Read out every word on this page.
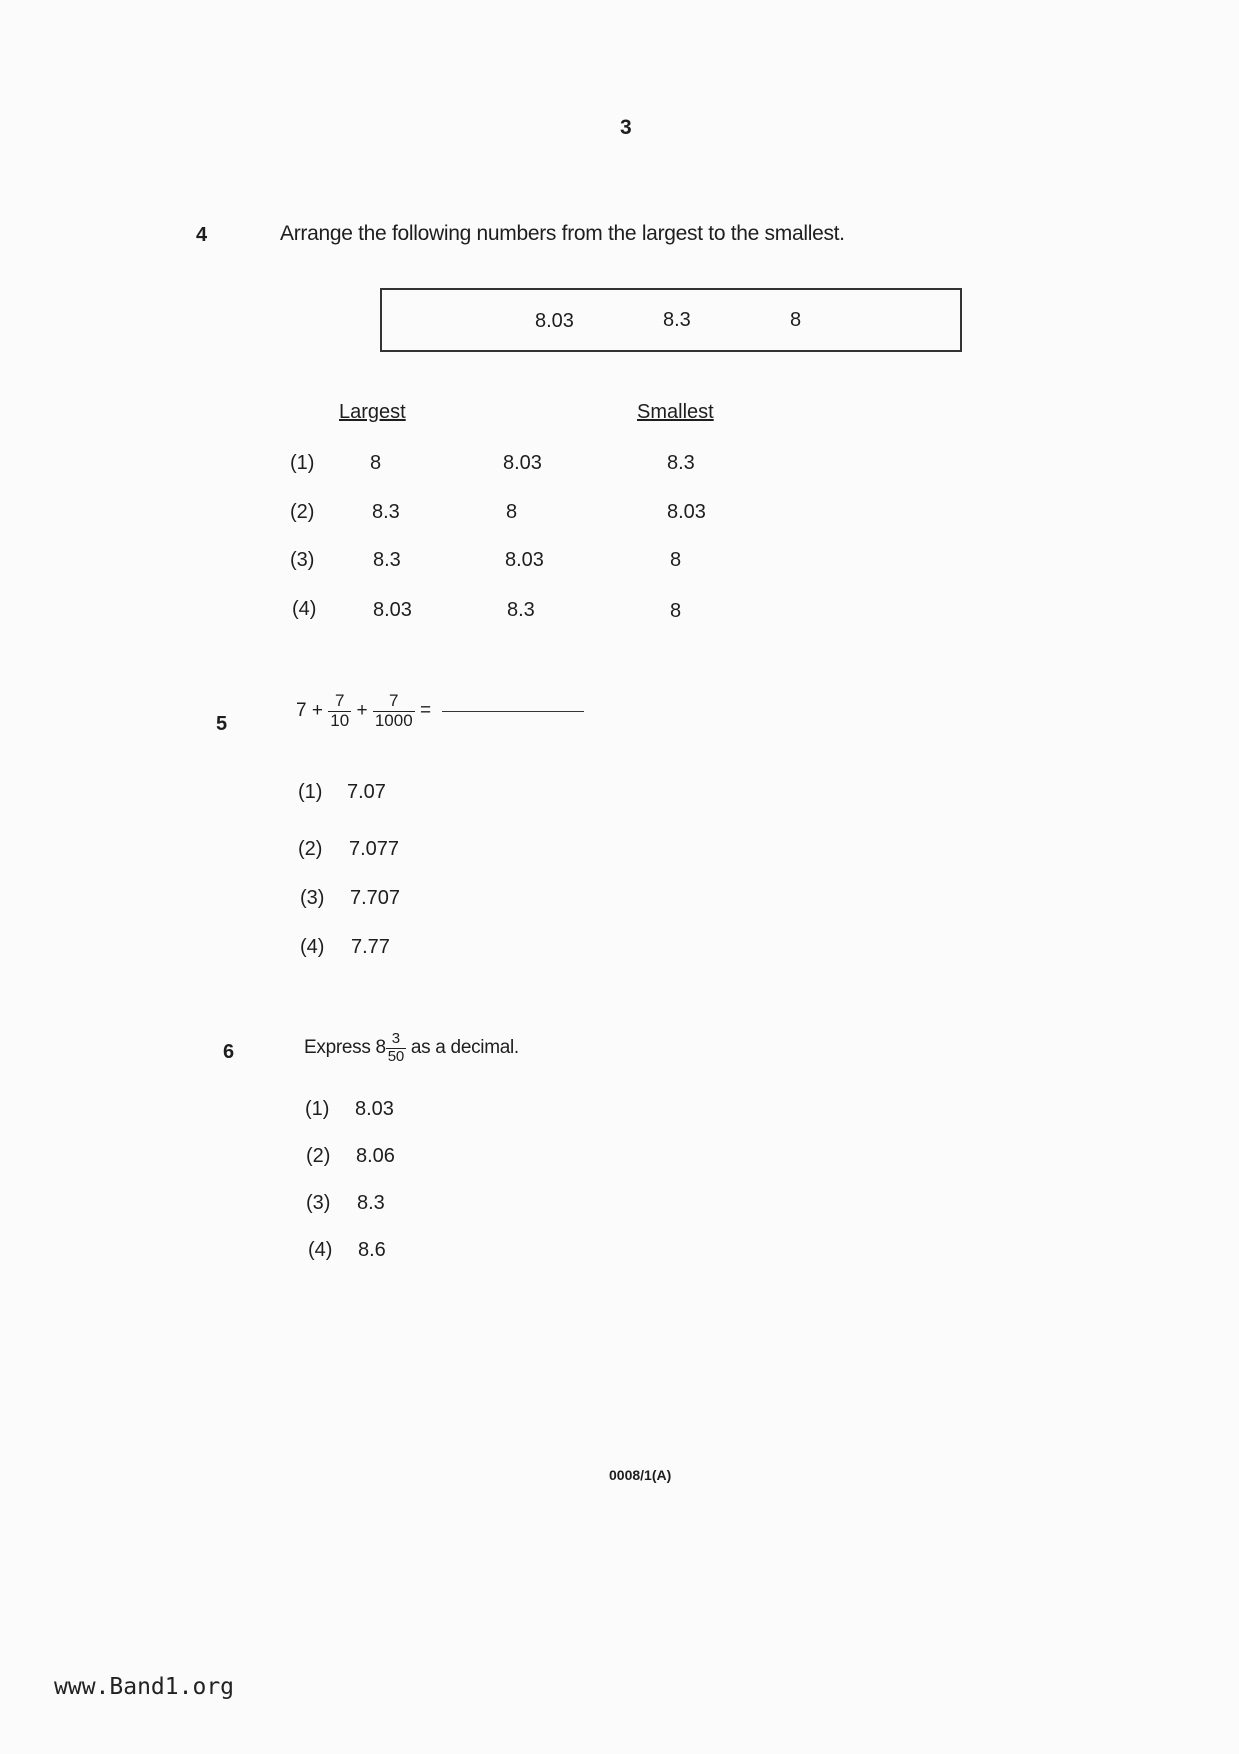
3
4	Arrange the following numbers from the largest to the smallest.
8.03	8.3	8
Largest	Smallest
(1)	8	8.03	8.3
(2)	8.3	8	8.03
(3)	8.3	8.03	8
(4)	8.03	8.3	8
5
$7 + \frac{7}{10} + \frac{7}{1000}$ =
(1) 7.07
(2) 7.077
(3) 7.707
(4) 7.77
6	Express $8 \frac{3}{50}$ as a decimal.
(1) 8.03
(2) 8.06
(3) 8.3
(4) 8.6
0008/1(A)
www.Band1.org
